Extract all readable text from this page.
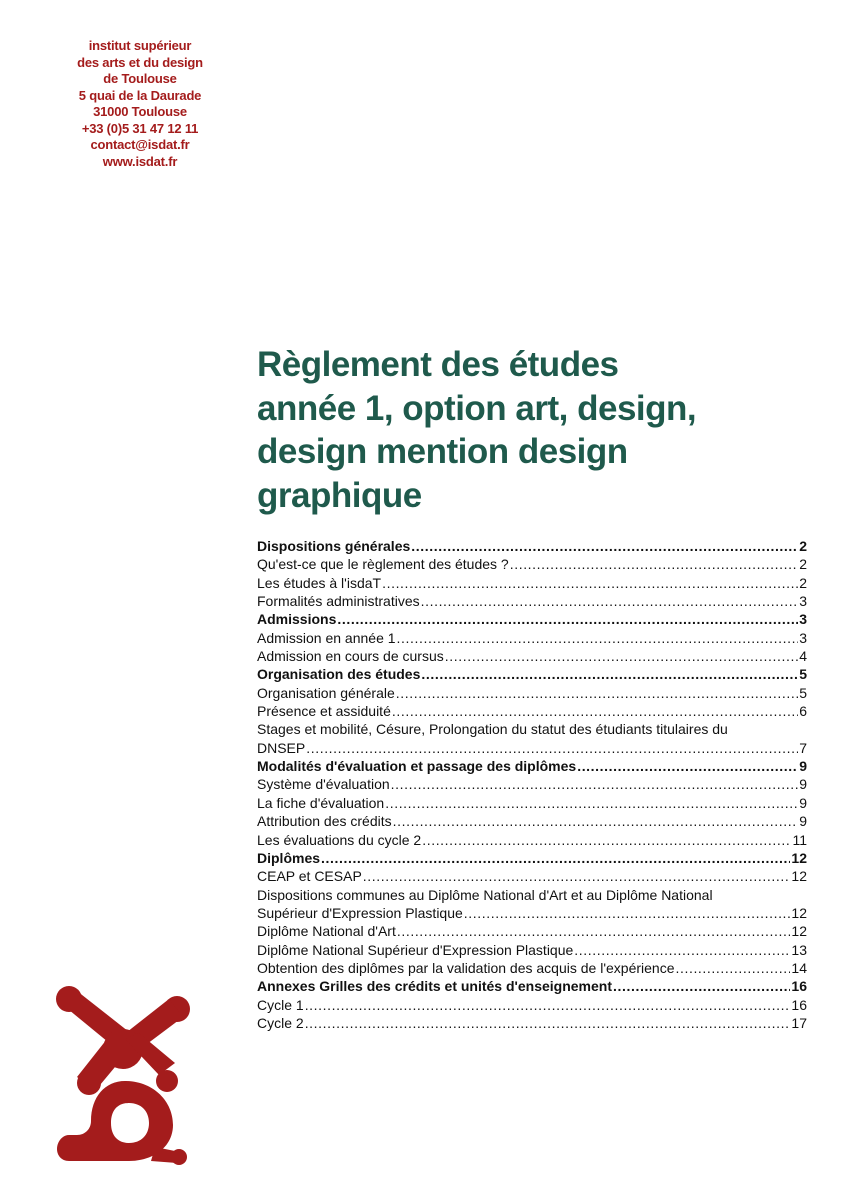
institut supérieur
des arts et du design
de Toulouse
5 quai de la Daurade
31000 Toulouse
+33 (0)5 31 47 12 11
contact@isdat.fr
www.isdat.fr
Règlement des études
année 1, option art, design,
design mention design
graphique
Dispositions générales .....	2
Qu'est-ce que le règlement des études ? .....	2
Les études à l'isdaT .....	2
Formalités administratives .....	3
Admissions .....	3
Admission en année 1 .....	3
Admission en cours de cursus .....	4
Organisation des études .....	5
Organisation générale .....	5
Présence et assiduité .....	6
Stages et mobilité, Césure, Prolongation du statut des étudiants titulaires du
DNSEP .....	7
Modalités d'évaluation et passage des diplômes .....	9
Système d'évaluation .....	9
La fiche d'évaluation .....	9
Attribution des crédits .....	9
Les évaluations du cycle 2 .....	11
Diplômes .....	12
CEAP et CESAP .....	12
Dispositions communes au Diplôme National d'Art et au Diplôme National
Supérieur d'Expression Plastique .....	12
Diplôme National d'Art .....	12
Diplôme National Supérieur d'Expression Plastique .....	13
Obtention des diplômes par la validation des acquis de l'expérience .....	14
Annexes Grilles des crédits et unités d'enseignement .....	16
Cycle 1 .....	16
Cycle 2 .....	17
